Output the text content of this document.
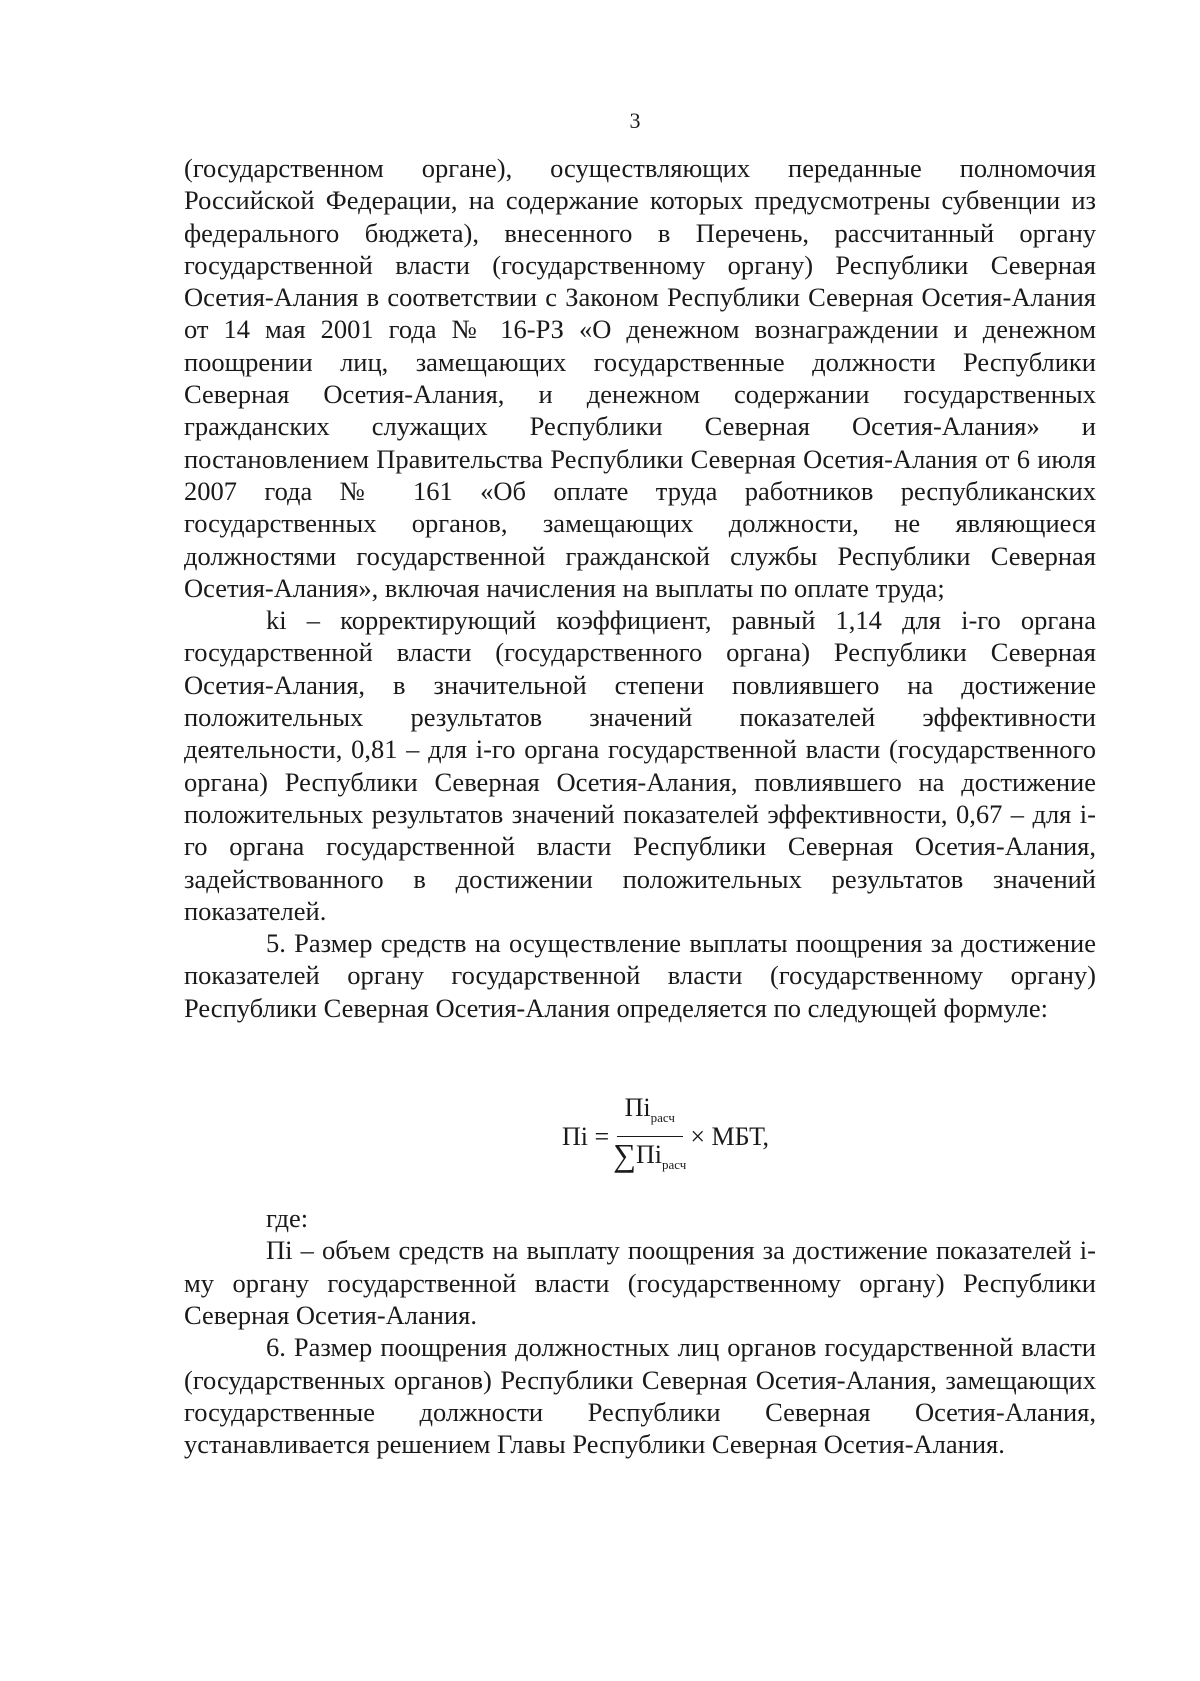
3

(государственном органе), осуществляющих переданные полномочия Российской Федерации, на содержание которых предусмотрены субвенции из федерального бюджета), внесенного в Перечень, рассчитанный органу государственной власти (государственному органу) Республики Северная Осетия-Алания в соответствии с Законом Республики Северная Осетия-Алания от 14 мая 2001 года № 16-РЗ «О денежном вознаграждении и денежном поощрении лиц, замещающих государственные должности Республики Северная Осетия-Алания, и денежном содержании государственных гражданских служащих Республики Северная Осетия-Алания» и постановлением Правительства Республики Северная Осетия-Алания от 6 июля 2007 года № 161 «Об оплате труда работников республиканских государственных органов, замещающих должности, не являющиеся должностями государственной гражданской службы Республики Северная Осетия-Алания», включая начисления на выплаты по оплате труда;

ki – корректирующий коэффициент, равный 1,14 для i-го органа государственной власти (государственного органа) Республики Северная Осетия-Алания, в значительной степени повлиявшего на достижение положительных результатов значений показателей эффективности деятельности, 0,81 – для i-го органа государственной власти (государственного органа) Республики Северная Осетия-Алания, повлиявшего на достижение положительных результатов значений показателей эффективности, 0,67 – для i-го органа государственной власти Республики Северная Осетия-Алания, задействованного в достижении положительных результатов значений показателей.

5. Размер средств на осуществление выплаты поощрения за достижение показателей органу государственной власти (государственному органу) Республики Северная Осетия-Алания определяется по следующей формуле:

Пi = $\frac{Пi_{расч}}{\sum Пi_{расч}}$ × МБТ,

где:

Пi – объем средств на выплату поощрения за достижение показателей i-му органу государственной власти (государственному органу) Республики Северная Осетия-Алания.

6. Размер поощрения должностных лиц органов государственной власти (государственных органов) Республики Северная Осетия-Алания, замещающих государственные должности Республики Северная Осетия-Алания, устанавливается решением Главы Республики Северная Осетия-Алания.
